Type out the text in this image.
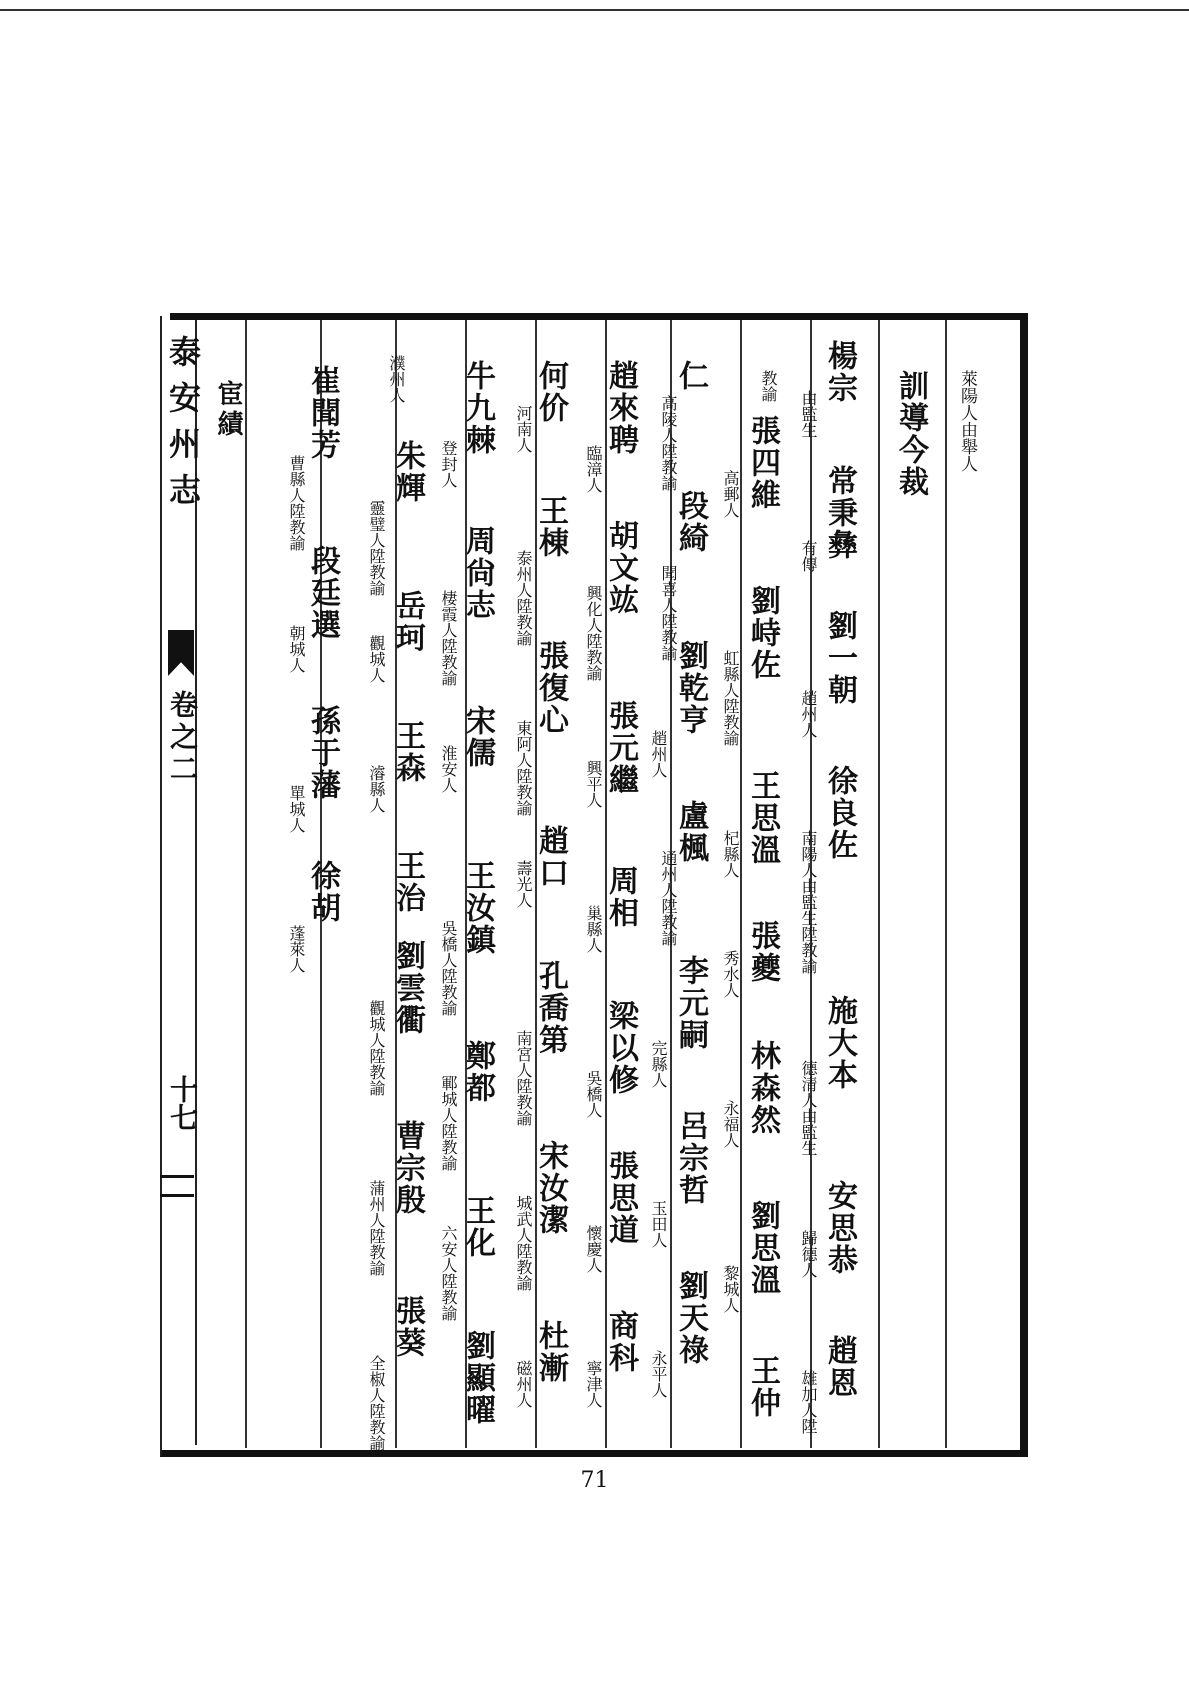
泰安州志
卷之二
十七
宦績	萊陽人由舉人
訓導今裁
楊宗
由監生
常秉彝
有傳
劉一朝
趙州人
徐良佐
南陽人由監生陞教諭
施大本
德清人由監生
安思恭
歸德人
趙恩
雄加人陞
教諭
張四維
高郵人
劉峙佐
虹縣人陞教諭
王思溫
杞縣人
張夔
秀水人
林森然
永福人
劉思溫
黎城人
王仲
仁
高陵人陞教諭
段綺
聞喜人陞教諭
劉乾亨
趙州人
盧楓
通州人陞教諭
李元嗣
完縣人
呂宗哲
玉田人
劉天祿
永平人
趙來聘
臨漳人
胡文竑
興化人陞教諭
張元繼
興平人
周相
巢縣人
梁以修
吳橋人
張思道
懷慶人
商科
寧津人
何价
河南人
王棟
泰州人陞教諭
張復心
東阿人陞教諭
趙口
壽光人
孔喬第
南宮人陞教諭
宋汝潔
城武人陞教諭
杜漸
磁州人
牛九棘
登封人
周尙志
棲霞人陞教諭
宋儒
淮安人
王汝鎮
吳橋人陞教諭
鄭都
鄆城人陞教諭
王化
六安人陞教諭
劉顯曜
濮州人
朱輝
靈璧人陞教諭
岳珂
觀城人
王森
濬縣人
王治
劉雲衢
觀城人陞教諭
曹宗殷
蒲州人陞教諭
張葵
全椒人陞教諭
崔聞芳
曹縣人陞教諭
段廷選
朝城人
孫于藩
單城人
徐胡
蓬萊人
71
